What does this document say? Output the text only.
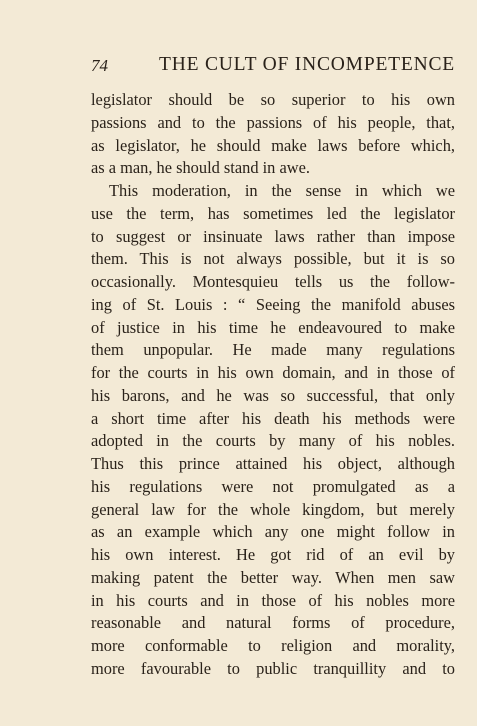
74	THE CULT OF INCOMPETENCE
legislator should be so superior to his own
passions and to the passions of his people, that,
as legislator, he should make laws before which,
as a man, he should stand in awe.
This moderation, in the sense in which we
use the term, has sometimes led the legislator
to suggest or insinuate laws rather than impose
them. This is not always possible, but it is so
occasionally. Montesquieu tells us the follow-
ing of St. Louis : “ Seeing the manifold abuses
of justice in his time he endeavoured to make
them unpopular. He made many regulations
for the courts in his own domain, and in those of
his barons, and he was so successful, that only
a short time after his death his methods were
adopted in the courts by many of his nobles.
Thus this prince attained his object, although
his regulations were not promulgated as a
general law for the whole kingdom, but merely
as an example which any one might follow in
his own interest. He got rid of an evil by
making patent the better way. When men saw
in his courts and in those of his nobles more
reasonable and natural forms of procedure,
more conformable to religion and morality,
more favourable to public tranquillity and to
